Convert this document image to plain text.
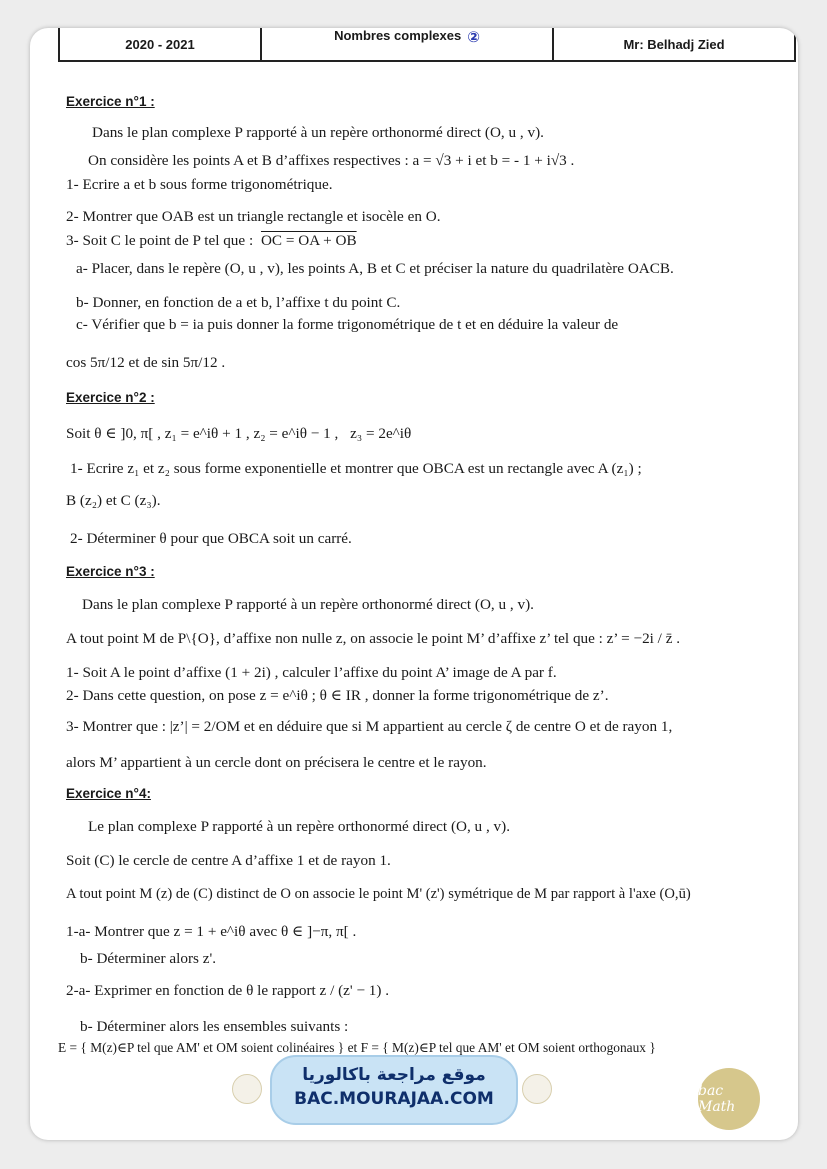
2020 - 2021
Nombres complexes ②	Mr: Belhadj Zied
Exercice n°1 :
Dans le plan complexe P rapporté à un repère orthonormé direct (O, u , v).
On considère les points A et B d’affixes respectives : a = √3 + i et b = - 1 + i√3 .
1- Ecrire a et b sous forme trigonométrique.
2- Montrer que OAB est un triangle rectangle et isocèle en O.
3- Soit C le point de P tel que : OC = OA + OB
a- Placer, dans le repère (O, u , v), les points A, B et C et préciser la nature du quadrilatère OACB.
b- Donner, en fonction de a et b, l’affixe t du point C.
c- Vérifier que b = ia puis donner la forme trigonométrique de t et en déduire la valeur de
cos 5π/12 et de sin 5π/12 .
Exercice n°2 :
Soit θ ∈ ]0, π[ , z₁ = e^iθ + 1 , z₂ = e^iθ − 1 , z₃ = 2e^iθ
1- Ecrire z₁ et z₂ sous forme exponentielle et montrer que OBCA est un rectangle avec A (z₁) ;
B (z₂) et C (z₃).
2- Déterminer θ pour que OBCA soit un carré.
Exercice n°3 :
Dans le plan complexe P rapporté à un repère orthonormé direct (O, u , v).
A tout point M de P\{O}, d’affixe non nulle z, on associe le point M’ d’affixe z’ tel que : z’ = −2i / z̄ .
1- Soit A le point d’affixe (1 + 2i) , calculer l’affixe du point A’ image de A par f.
2- Dans cette question, on pose z = e^iθ ; θ ∈ IR , donner la forme trigonométrique de z’.
3- Montrer que : |z’| = 2/OM et en déduire que si M appartient au cercle ζ de centre O et de rayon 1,
alors M’ appartient à un cercle dont on précisera le centre et le rayon.
Exercice n°4:
Le plan complexe P rapporté à un repère orthonormé direct (O, u , v).
Soit (C) le cercle de centre A d’affixe 1 et de rayon 1.
A tout point M (z) de (C) distinct de O on associe le point M' (z') symétrique de M par rapport à l'axe (O,ū)
1-a- Montrer que z = 1 + e^iθ avec θ ∈ ]−π, π[ .
b- Déterminer alors z'.
2-a- Exprimer en fonction de θ le rapport z / (z' − 1) .
b- Déterminer alors les ensembles suivants :
E = { M(z)∈P tel que AM' et OM soient colinéaires } et F = { M(z)∈P tel que AM' et OM soient orthogonaux }
موقع مراجعة باكالوريا
BAC.MOURAJAA.COM	bac Math
